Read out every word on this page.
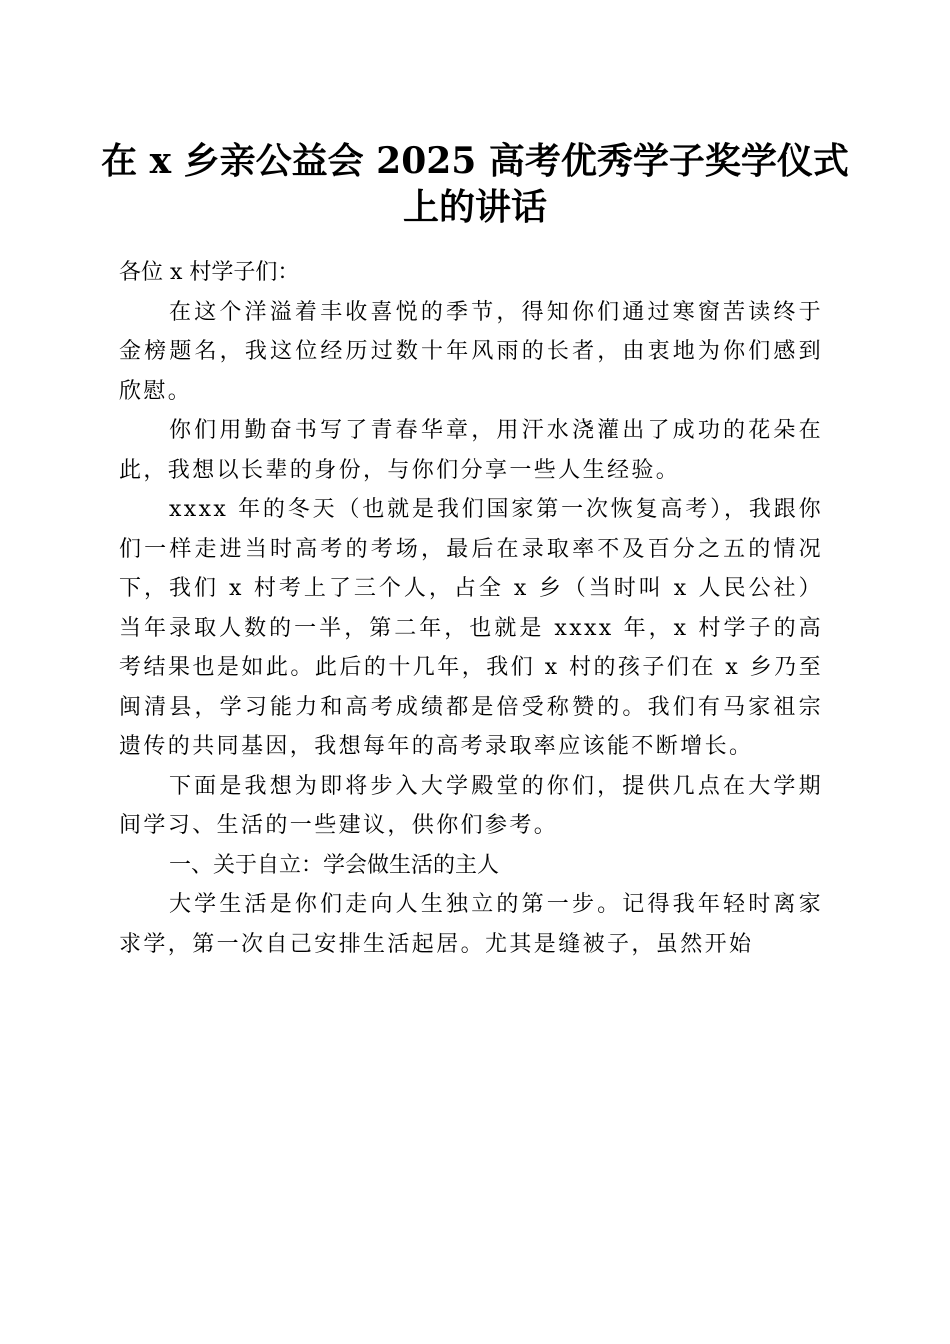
在 x 乡亲公益会 2025 高考优秀学子奖学仪式
上的讲话

各位 x 村学子们：

在这个洋溢着丰收喜悦的季节，得知你们通过寒窗苦读终于金榜题名，我这位经历过数十年风雨的长者，由衷地为你们感到欣慰。

你们用勤奋书写了青春华章，用汗水浇灌出了成功的花朵在此，我想以长辈的身份，与你们分享一些人生经验。

xxxx 年的冬天（也就是我们国家第一次恢复高考），我跟你们一样走进当时高考的考场，最后在录取率不及百分之五的情况下，我们 x 村考上了三个人，占全 x 乡（当时叫 x 人民公社）当年录取人数的一半，第二年，也就是 xxxx 年，x 村学子的高考结果也是如此。此后的十几年，我们 x 村的孩子们在 x 乡乃至闽清县，学习能力和高考成绩都是倍受称赞的。我们有马家祖宗遗传的共同基因，我想每年的高考录取率应该能不断增长。

下面是我想为即将步入大学殿堂的你们，提供几点在大学期间学习、生活的一些建议，供你们参考。

一、关于自立：学会做生活的主人

大学生活是你们走向人生独立的第一步。记得我年轻时离家求学，第一次自己安排生活起居。尤其是缝被子，虽然开始
